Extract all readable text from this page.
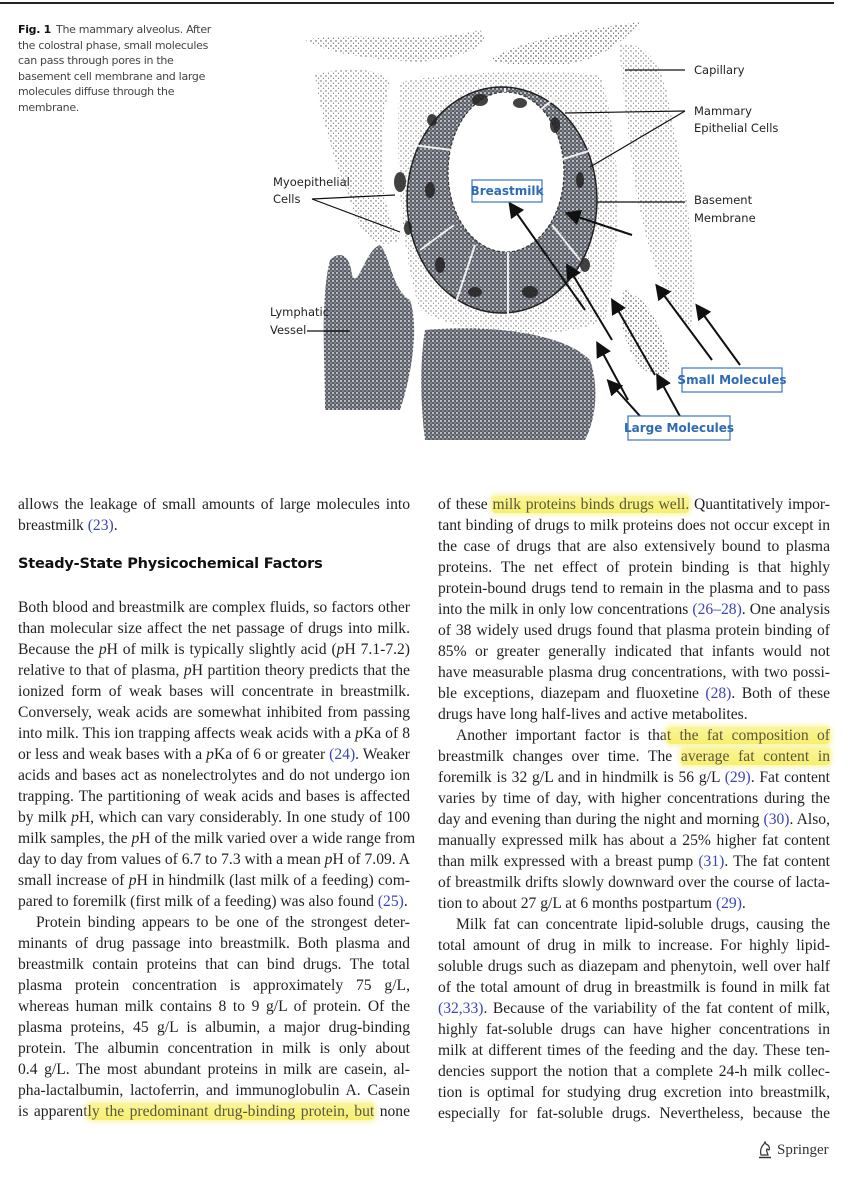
Fig. 1 The mammary alveolus. After the colostral phase, small molecules can pass through pores in the basement cell membrane and large molecules diffuse through the membrane.
Capillary
Mammary
Epithelial Cells
Basement
Membrane
Myoepithelial
Cells
Lymphatic
Vessel
Breastmilk
Small Molecules
Large Molecules
allows the leakage of small amounts of large molecules into
breastmilk (23).
Steady-State Physicochemical Factors
Both blood and breastmilk are complex fluids, so factors other
than molecular size affect the net passage of drugs into milk.
Because the pH of milk is typically slightly acid (pH 7.1-7.2)
relative to that of plasma, pH partition theory predicts that the
ionized form of weak bases will concentrate in breastmilk.
Conversely, weak acids are somewhat inhibited from passing
into milk. This ion trapping affects weak acids with a pKa of 8
or less and weak bases with a pKa of 6 or greater (24). Weaker
acids and bases act as nonelectrolytes and do not undergo ion
trapping. The partitioning of weak acids and bases is affected
by milk pH, which can vary considerably. In one study of 100
milk samples, the pH of the milk varied over a wide range from
day to day from values of 6.7 to 7.3 with a mean pH of 7.09. A
small increase of pH in hindmilk (last milk of a feeding) com-
pared to foremilk (first milk of a feeding) was also found (25).
Protein binding appears to be one of the strongest deter-
minants of drug passage into breastmilk. Both plasma and
breastmilk contain proteins that can bind drugs. The total
plasma protein concentration is approximately 75 g/L,
whereas human milk contains 8 to 9 g/L of protein. Of the
plasma proteins, 45 g/L is albumin, a major drug-binding
protein. The albumin concentration in milk is only about
0.4 g/L. The most abundant proteins in milk are casein, al-
pha-lactalbumin, lactoferrin, and immunoglobulin A. Casein
is apparently the predominant drug-binding protein, but none
of these milk proteins binds drugs well. Quantitatively impor-
tant binding of drugs to milk proteins does not occur except in
the case of drugs that are also extensively bound to plasma
proteins. The net effect of protein binding is that highly
protein-bound drugs tend to remain in the plasma and to pass
into the milk in only low concentrations (26–28). One analysis
of 38 widely used drugs found that plasma protein binding of
85% or greater generally indicated that infants would not
have measurable plasma drug concentrations, with two possi-
ble exceptions, diazepam and fluoxetine (28). Both of these
drugs have long half-lives and active metabolites.
Another important factor is that the fat composition of
breastmilk changes over time. The average fat content in
foremilk is 32 g/L and in hindmilk is 56 g/L (29). Fat content
varies by time of day, with higher concentrations during the
day and evening than during the night and morning (30). Also,
manually expressed milk has about a 25% higher fat content
than milk expressed with a breast pump (31). The fat content
of breastmilk drifts slowly downward over the course of lacta-
tion to about 27 g/L at 6 months postpartum (29).
Milk fat can concentrate lipid-soluble drugs, causing the
total amount of drug in milk to increase. For highly lipid-
soluble drugs such as diazepam and phenytoin, well over half
of the total amount of drug in breastmilk is found in milk fat
(32,33). Because of the variability of the fat content of milk,
highly fat-soluble drugs can have higher concentrations in
milk at different times of the feeding and the day. These ten-
dencies support the notion that a complete 24-h milk collec-
tion is optimal for studying drug excretion into breastmilk,
especially for fat-soluble drugs. Nevertheless, because the
Springer
